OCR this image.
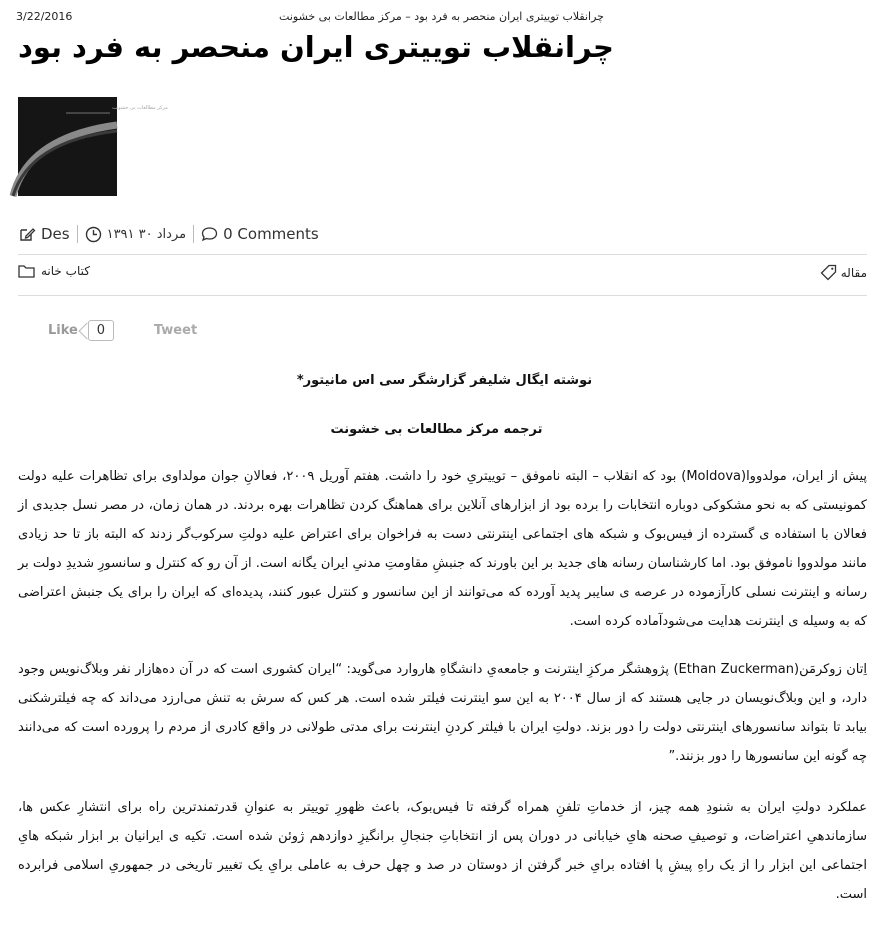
3/22/2016	چرانقلاب توییتری ایران منحصر به فرد بود – مرکز مطالعات بی خشونت
چرانقلاب توییتری ایران منحصر به فرد بود
مرکز مطالعات بی خشونت
Des	مرداد ۳۰ ۱۳۹۱ 0 Comments
کتاب خانه	مقاله
Like	0	Tweet
نوشته ایگال شلیفر گزارشگر سی اس مانیتور*
ترجمه مرکز مطالعات بی خشونت

پیش از ایران، مولدووا(Moldova) بود که انقلاب – البته ناموفق – توییتریِ خود را داشت. هفتم آوریل ۲۰۰۹، فعالانِ جوان مولداوی برای تظاهرات علیه دولت کمونیستی که به نحو مشکوکی دوباره انتخابات را برده بود از ابزارهای آنلاین برای هماهنگ کردن تظاهرات بهره بردند. در همان زمان، در مصر نسل جدیدی از فعالان با استفاده ی گسترده از فیس‌بوک و شبکه های اجتماعی اینترنتی دست به فراخوان برای اعتراض علیه دولتِ سرکوب‌گر زدند که البته باز تا حد زیادی مانند مولدووا ناموفق بود. اما کارشناسان رسانه های جدید بر این باورند که جنبشِ مقاومتِ مدنیِ ایران یگانه است. از آن رو که کنترل و سانسورِ شدیدِ دولت بر رسانه و اینترنت نسلی کارآزموده در عرصه ی سایبر پدید آورده که می‌توانند از این سانسور و کنترل عبور کنند، پدیده‌ای که ایران را برای یک جنبش اعتراضی که به وسیله ی اینترنت هدایت می‌شود‌آماده کرده است.

اِتان زوکرمَن(Ethan Zuckerman) پژوهشگر مرکزِ اینترنت و جامعه‌یِ دانشگاهِ هاروارد می‌گوید: “ایران کشوری است که در آن ده‌هازار نفر وبلاگ‌نویس وجود دارد، و این وبلاگ‌نویسان در جایی هستند که از سال ۲۰۰۴ به این سو اینترنت فیلتر شده است. هر کس که سرش به تنش می‌ارزد می‌داند که چه فیلترشکنی بیابد تا بتواند سانسورهای اینترنتی دولت را دور بزند. دولتِ ایران با فیلتر کردنِ اینترنت برای مدتی طولانی در واقع کادری از مردم را پرورده است که می‌دانند چه گونه این سانسورها را دور بزنند.”

عملکرد دولتِ ایران به شنودِ همه چیز، از خدماتِ تلفنِ همراه گرفته تا فیس‌بوک، باعث ظهورِ توییتر به عنوانِ قدرتمندترین راه برای انتشارِ عکس ها، سازماندهیِ اعتراضات، و توصیفِ صحنه هایِ خیابانی در دوران پس از انتخاباتِ جنجالِ برانگیزِ دوازدهم ژوئن شده است. تکیه ی ایرانیان بر ابزار شبکه هایِ اجتماعی این ابزار را از یک راهِ پیشِ پا افتاده برایِ خبر گرفتن از دوستان در صد و چهل حرف به عاملی برایِ یک تغییر تاریخی در جمهوریِ اسلامی فرابرده است.
